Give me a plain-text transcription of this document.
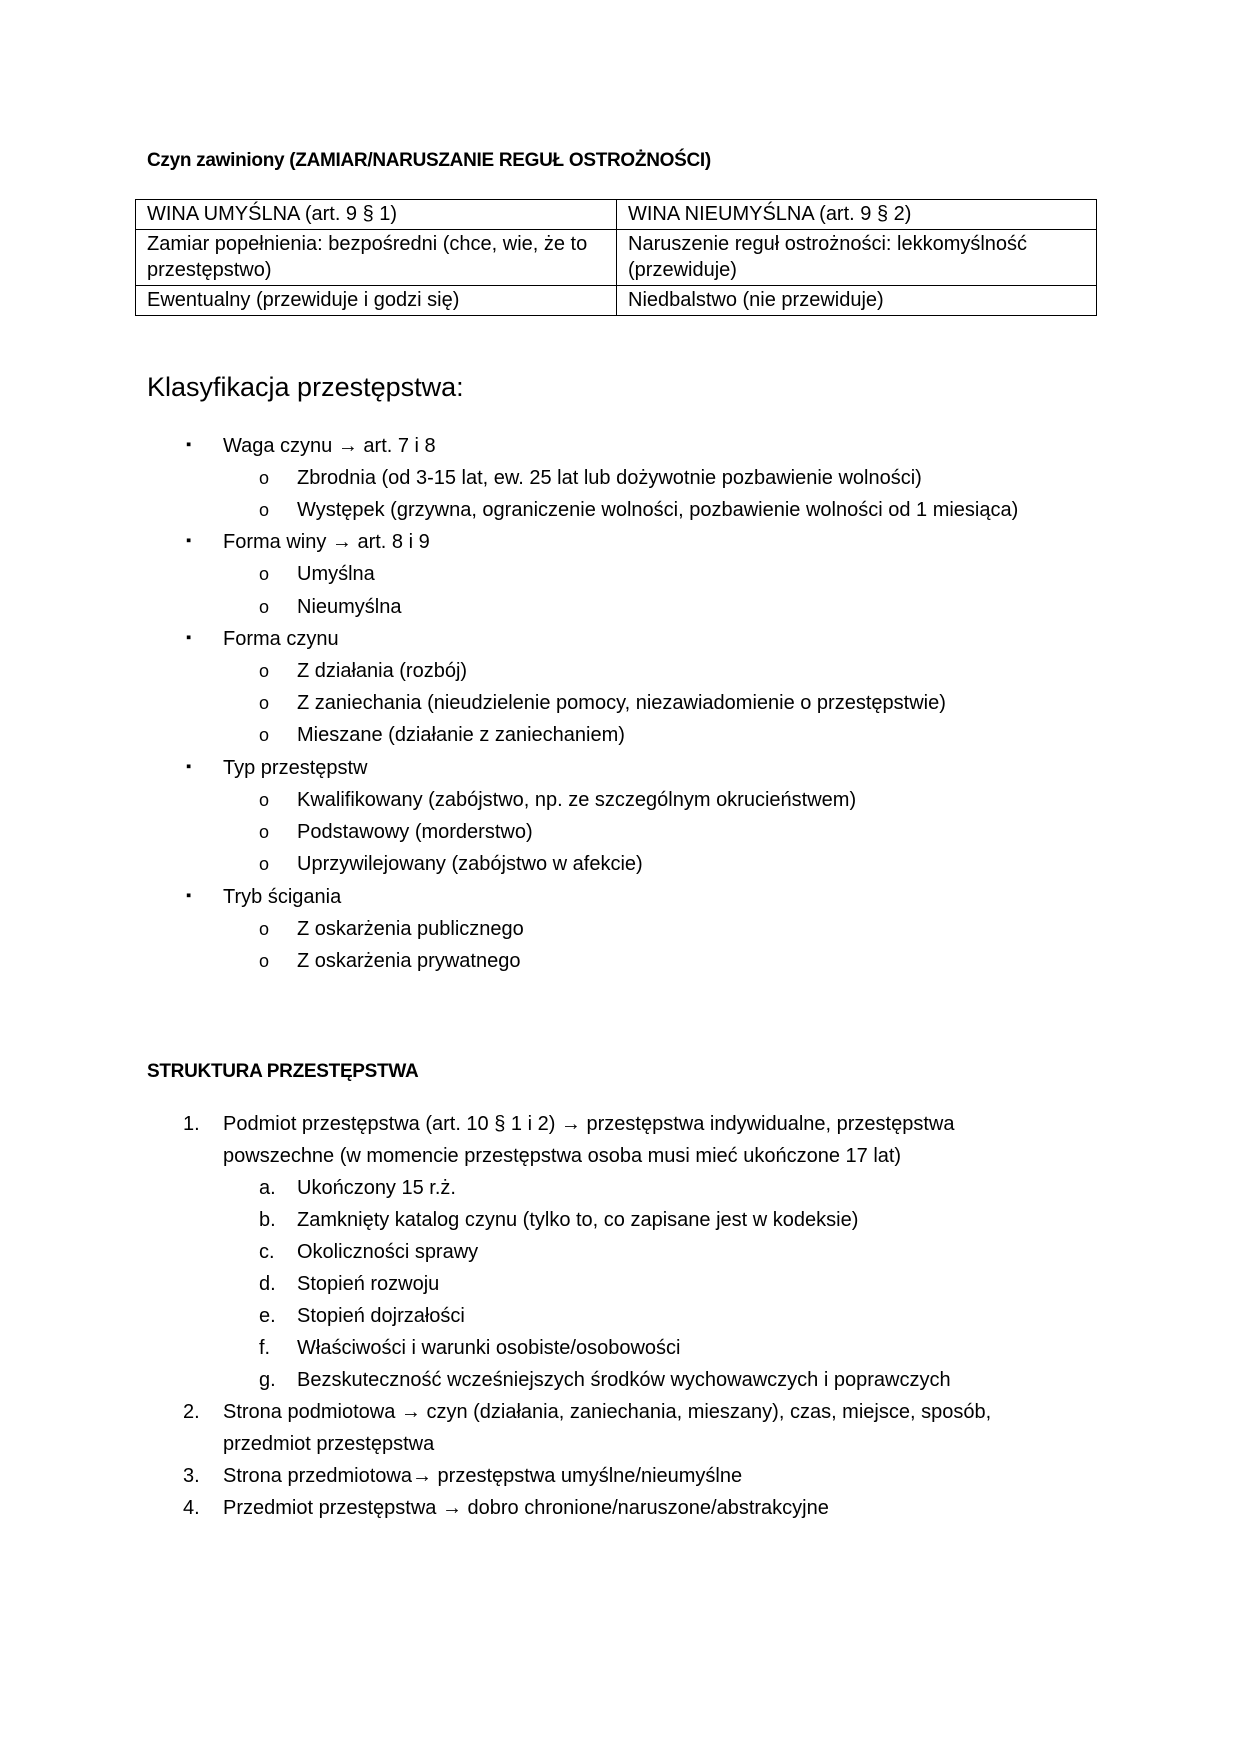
Czyn zawiniony (ZAMIAR/NARUSZANIE REGUŁ OSTROŻNOŚCI)
WINA UMYŚLNA (art. 9 § 1)	WINA NIEUMYŚLNA (art. 9 § 2)
Zamiar popełnienia: bezpośredni (chce, wie, że to przestępstwo)	Naruszenie reguł ostrożności: lekkomyślność (przewiduje)
Ewentualny (przewiduje i godzi się)	Niedbalstwo (nie przewiduje)
Klasyfikacja przestępstwa:
▪ Waga czynu → art. 7 i 8
o Zbrodnia (od 3-15 lat, ew. 25 lat lub dożywotnie pozbawienie wolności)
o Występek (grzywna, ograniczenie wolności, pozbawienie wolności od 1 miesiąca)
▪ Forma winy → art. 8 i 9
o Umyślna
o Nieumyślna
▪ Forma czynu
o Z działania (rozbój)
o Z zaniechania (nieudzielenie pomocy, niezawiadomienie o przestępstwie)
o Mieszane (działanie z zaniechaniem)
▪ Typ przestępstw
o Kwalifikowany (zabójstwo, np. ze szczególnym okrucieństwem)
o Podstawowy (morderstwo)
o Uprzywilejowany (zabójstwo w afekcie)
▪ Tryb ścigania
o Z oskarżenia publicznego
o Z oskarżenia prywatnego
STRUKTURA PRZESTĘPSTWA
1. Podmiot przestępstwa (art. 10 § 1 i 2) → przestępstwa indywidualne, przestępstwa
powszechne (w momencie przestępstwa osoba musi mieć ukończone 17 lat)
a. Ukończony 15 r.ż.
b. Zamknięty katalog czynu (tylko to, co zapisane jest w kodeksie)
c. Okoliczności sprawy
d. Stopień rozwoju
e. Stopień dojrzałości
f. Właściwości i warunki osobiste/osobowości
g. Bezskuteczność wcześniejszych środków wychowawczych i poprawczych
2. Strona podmiotowa → czyn (działania, zaniechania, mieszany), czas, miejsce, sposób,
przedmiot przestępstwa
3. Strona przedmiotowa→ przestępstwa umyślne/nieumyślne
4. Przedmiot przestępstwa → dobro chronione/naruszone/abstrakcyjne
